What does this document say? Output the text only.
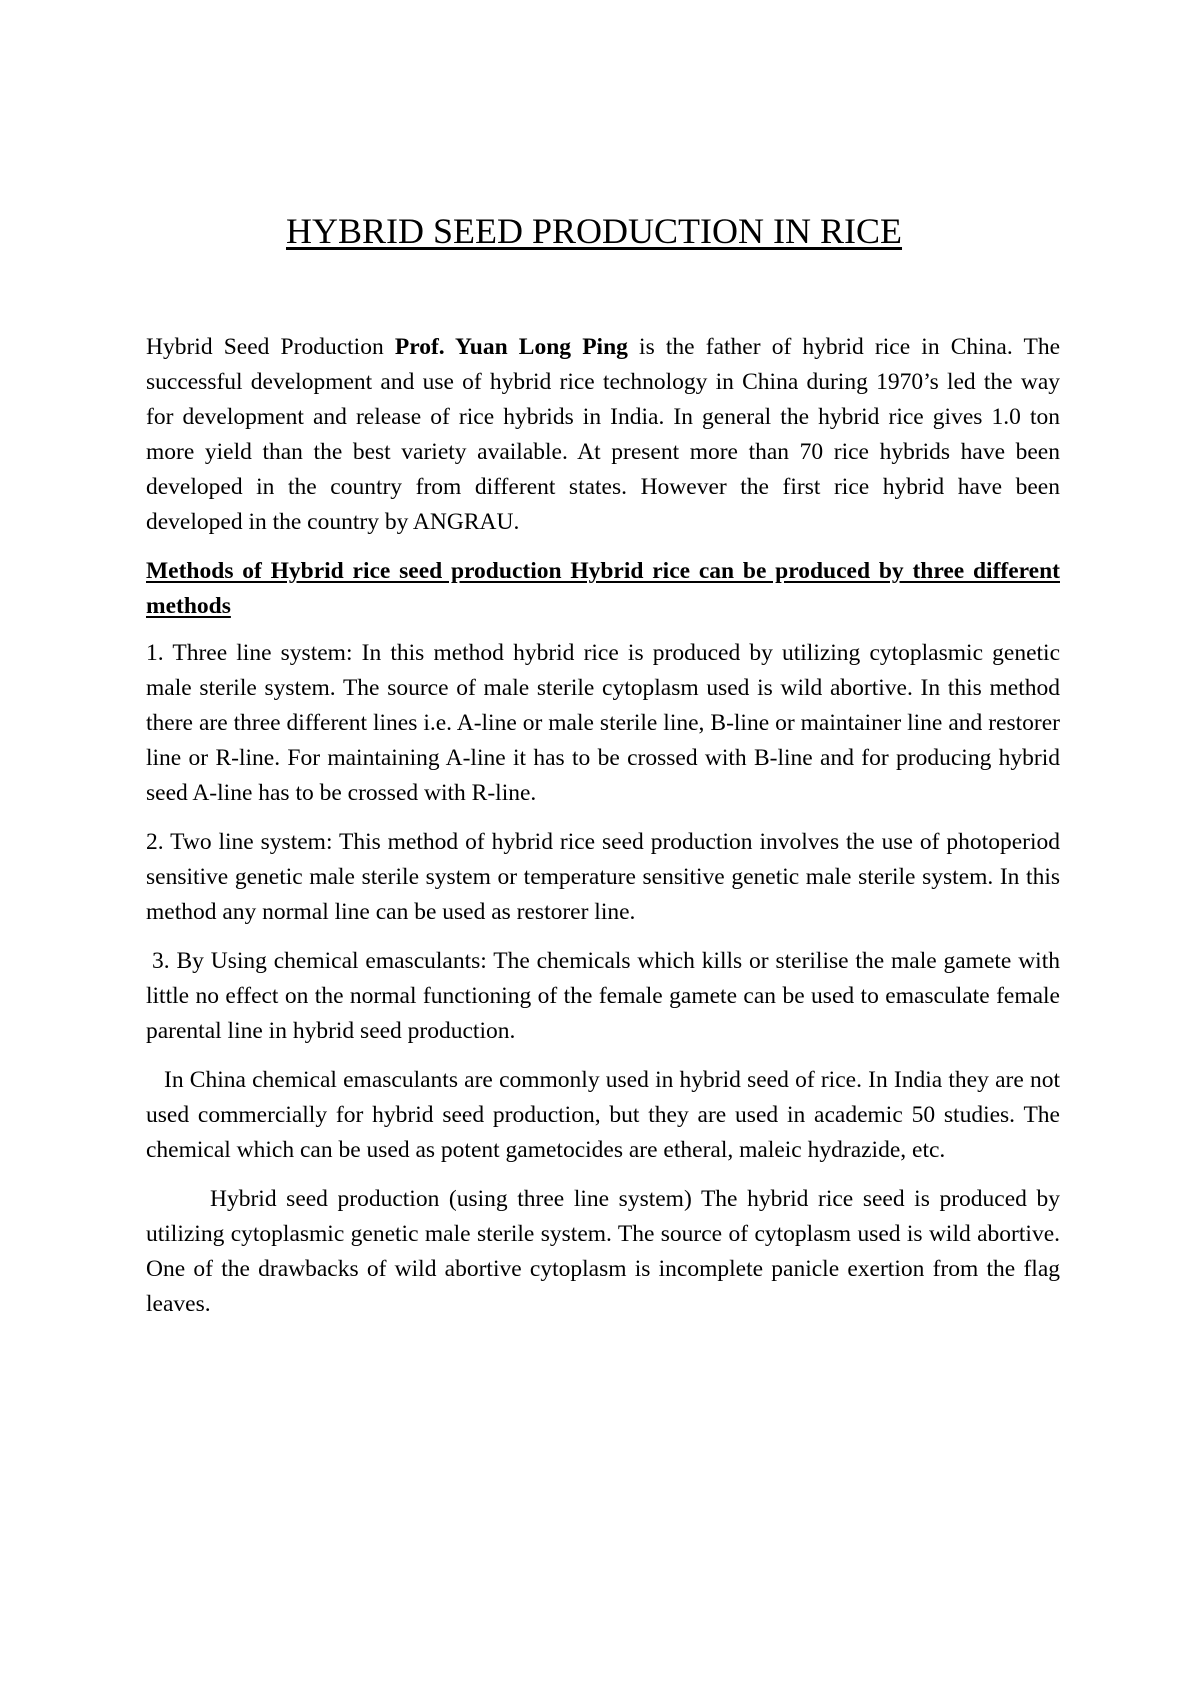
HYBRID SEED PRODUCTION IN RICE

Hybrid Seed Production Prof. Yuan Long Ping is the father of hybrid rice in China. The successful development and use of hybrid rice technology in China during 1970’s led the way for development and release of rice hybrids in India. In general the hybrid rice gives 1.0 ton more yield than the best variety available. At present more than 70 rice hybrids have been developed in the country from different states. However the first rice hybrid have been developed in the country by ANGRAU.

Methods of Hybrid rice seed production Hybrid rice can be produced by three different methods

1. Three line system: In this method hybrid rice is produced by utilizing cytoplasmic genetic male sterile system. The source of male sterile cytoplasm used is wild abortive. In this method there are three different lines i.e. A-line or male sterile line, B-line or maintainer line and restorer line or R-line. For maintaining A-line it has to be crossed with B-line and for producing hybrid seed A-line has to be crossed with R-line.

2. Two line system: This method of hybrid rice seed production involves the use of photoperiod sensitive genetic male sterile system or temperature sensitive genetic male sterile system. In this method any normal line can be used as restorer line.

3. By Using chemical emasculants: The chemicals which kills or sterilise the male gamete with little no effect on the normal functioning of the female gamete can be used to emasculate female parental line in hybrid seed production.

In China chemical emasculants are commonly used in hybrid seed of rice. In India they are not used commercially for hybrid seed production, but they are used in academic 50 studies. The chemical which can be used as potent gametocides are etheral, maleic hydrazide, etc.

Hybrid seed production (using three line system) The hybrid rice seed is produced by utilizing cytoplasmic genetic male sterile system. The source of cytoplasm used is wild abortive. One of the drawbacks of wild abortive cytoplasm is incomplete panicle exertion from the flag leaves.
